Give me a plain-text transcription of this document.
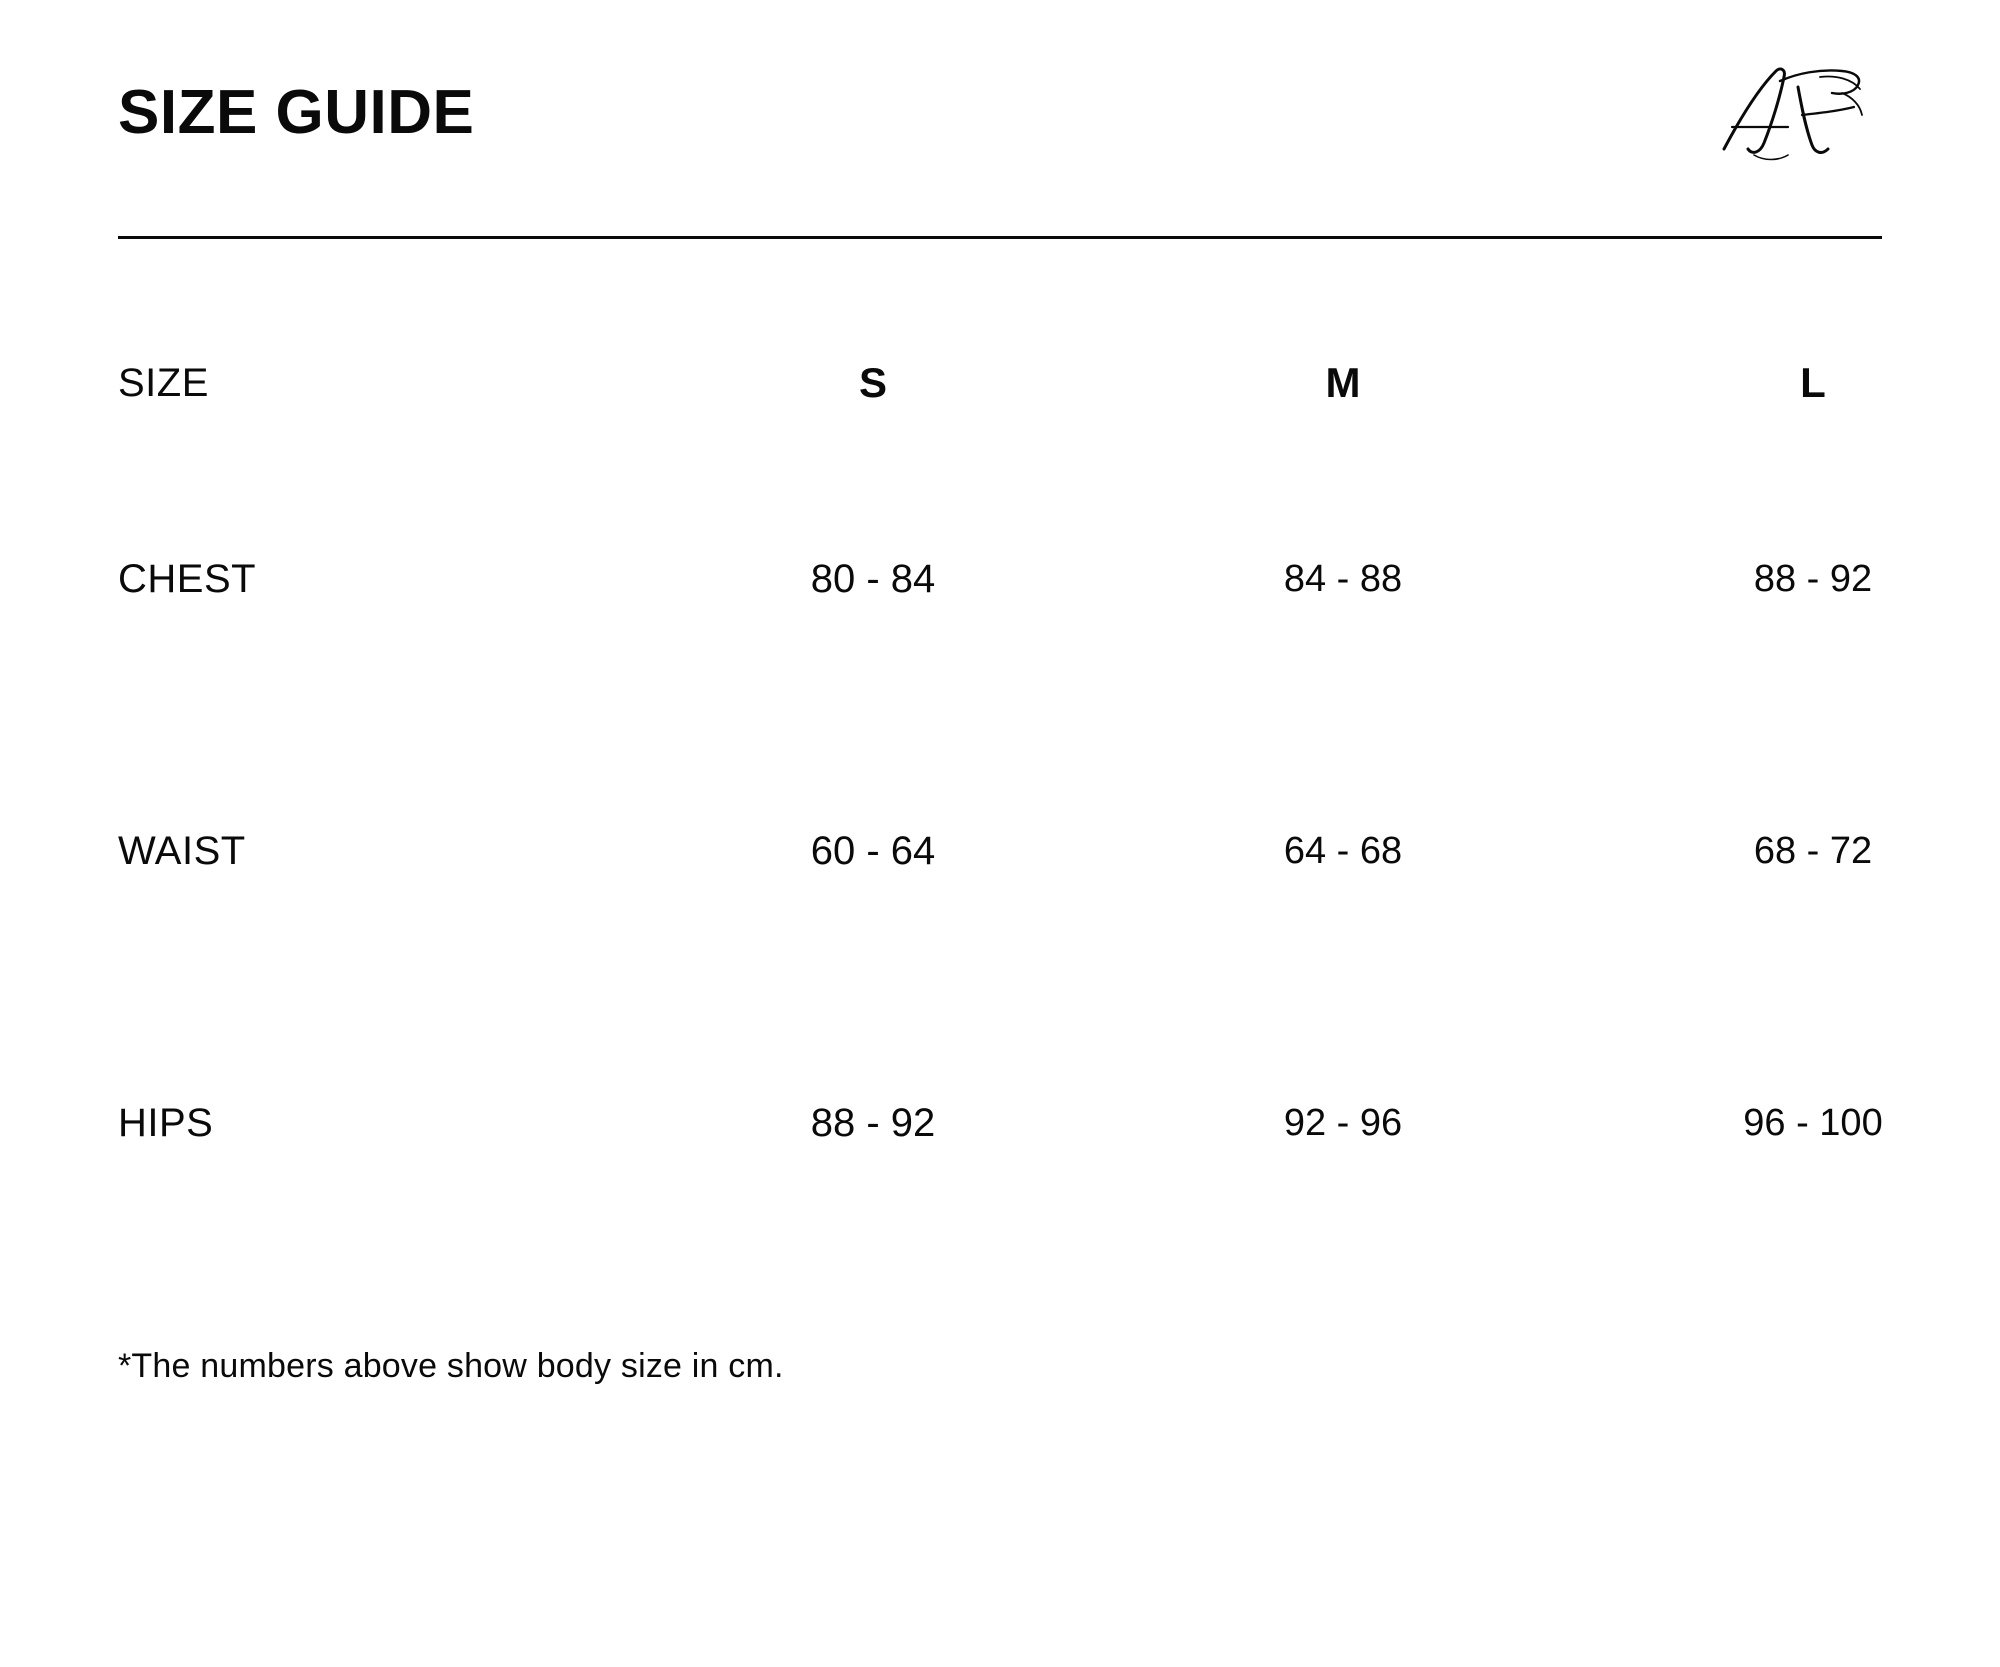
SIZE GUIDE
SIZE	S	M	L
CHEST	80 - 84	84 - 88	88 - 92
WAIST	60 - 64	64 - 68	68 - 72
HIPS	88 - 92	92 - 96	96 - 100
*The numbers above show body size in cm.
